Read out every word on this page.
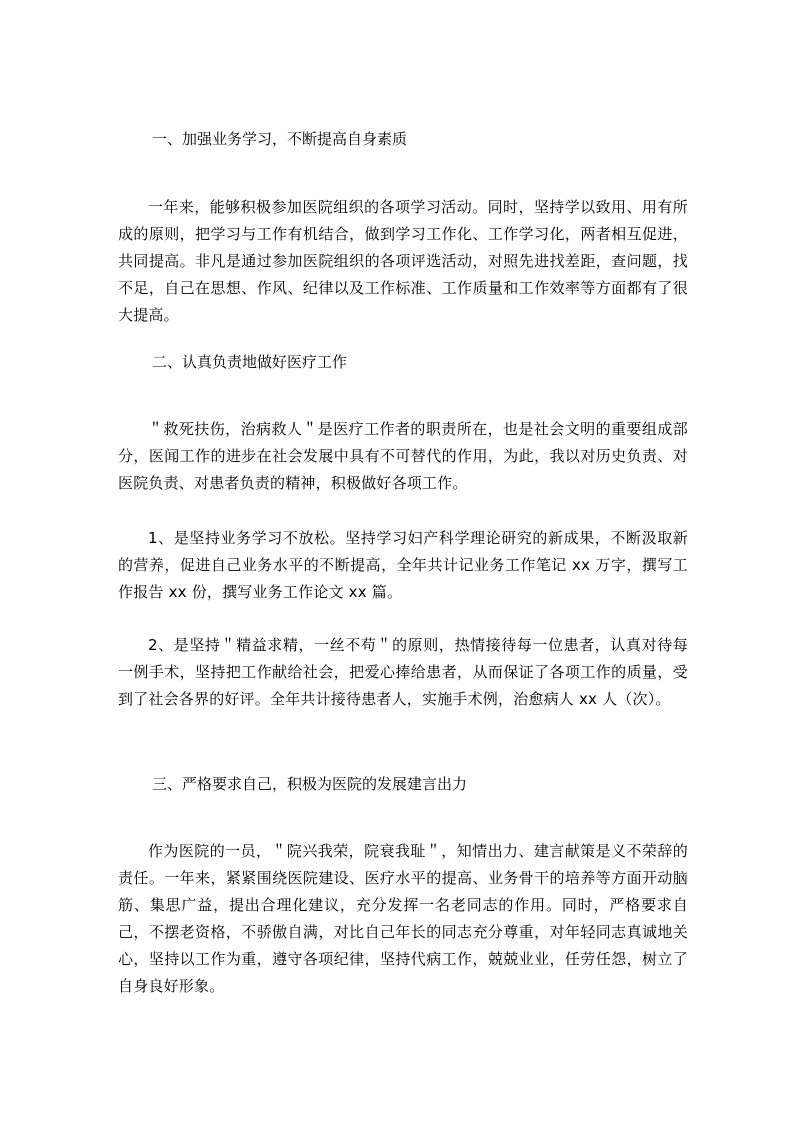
一、加强业务学习，不断提高自身素质

一年来，能够积极参加医院组织的各项学习活动。同时，坚持学以致用、用有所成的原则，把学习与工作有机结合，做到学习工作化、工作学习化，两者相互促进，共同提高。非凡是通过参加医院组织的各项评选活动，对照先进找差距，查问题，找不足，自己在思想、作风、纪律以及工作标准、工作质量和工作效率等方面都有了很大提高。

二、认真负责地做好医疗工作

＂救死扶伤，治病救人＂是医疗工作者的职责所在，也是社会文明的重要组成部分，医闻工作的进步在社会发展中具有不可替代的作用，为此，我以对历史负责、对医院负责、对患者负责的精神，积极做好各项工作。

1、是坚持业务学习不放松。坚持学习妇产科学理论研究的新成果，不断汲取新的营养，促进自己业务水平的不断提高，全年共计记业务工作笔记 xx 万字，撰写工作报告 xx 份，撰写业务工作论文 xx 篇。

2、是坚持＂精益求精，一丝不苟＂的原则，热情接待每一位患者，认真对待每一例手术，坚持把工作献给社会，把爱心捧给患者，从而保证了各项工作的质量，受到了社会各界的好评。全年共计接待患者人，实施手术例，治愈病人 xx 人（次）。

三、严格要求自己，积极为医院的发展建言出力

作为医院的一员，＂院兴我荣，院衰我耻＂，知情出力、建言献策是义不荣辞的责任。一年来，紧紧围绕医院建设、医疗水平的提高、业务骨干的培养等方面开动脑筋、集思广益，提出合理化建议，充分发挥一名老同志的作用。同时，严格要求自己，不摆老资格，不骄傲自满，对比自己年长的同志充分尊重，对年轻同志真诚地关心，坚持以工作为重，遵守各项纪律，坚持代病工作，兢兢业业，任劳任怨，树立了自身良好形象。
